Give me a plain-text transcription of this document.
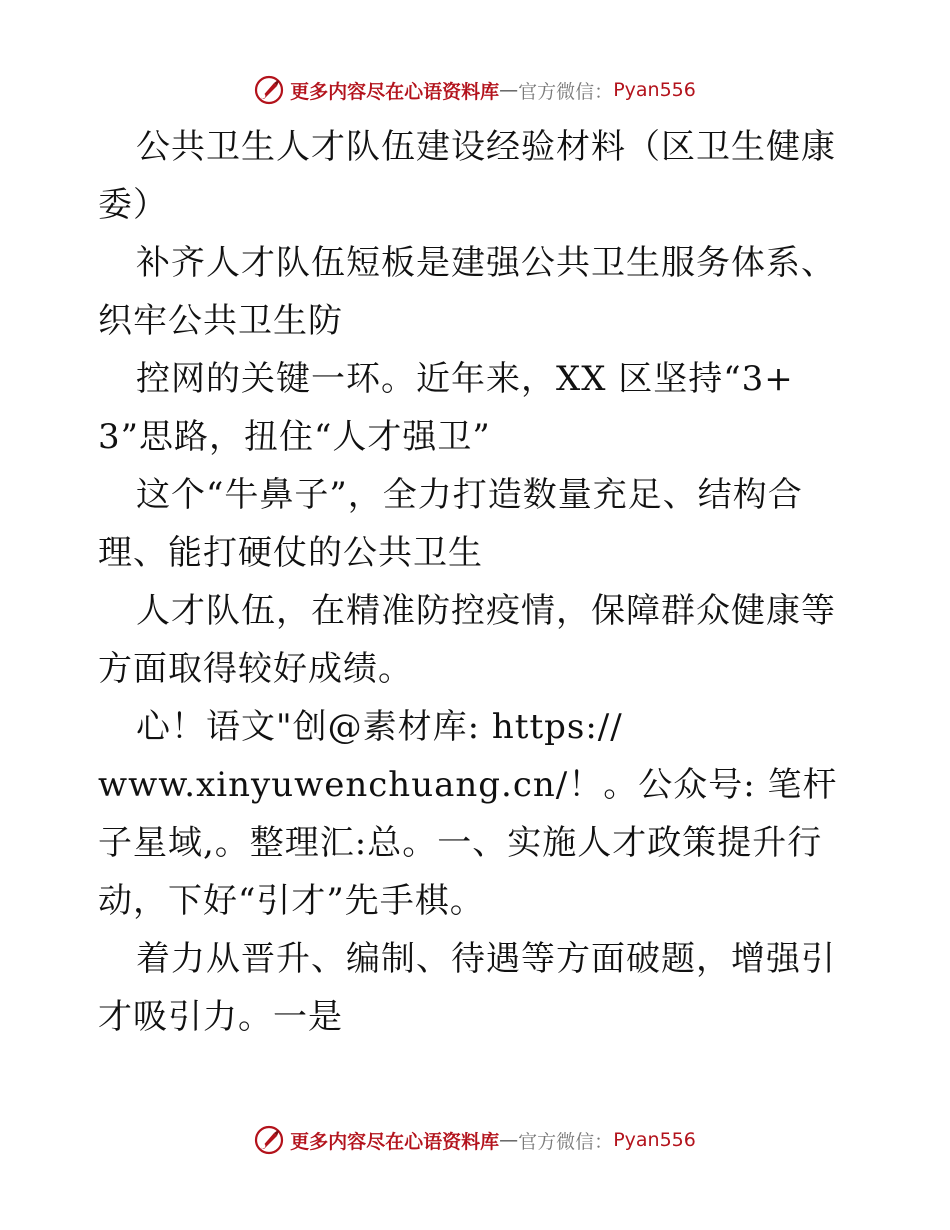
更多内容尽在心语资料库 — 官方微信： Pyan556

公共卫生人才队伍建设经验材料（区卫生健康委）

补齐人才队伍短板是建强公共卫生服务体系、织牢公共卫生防

控网的关键一环。近年来，XX 区坚持“3+3”思路，扭住“人才强卫”

这个“牛鼻子”，全力打造数量充足、结构合理、能打硬仗的公共卫生

人才队伍，在精准防控疫情，保障群众健康等方面取得较好成绩。

心！语文"创@素材库: https://

www.xinyuwenchuang.cn/！。公众号: 笔杆子星域,。整理汇:总。一、实施人才政策提升行动，下好“引才”先手棋。

着力从晋升、编制、待遇等方面破题，增强引才吸引力。一是

更多内容尽在心语资料库 — 官方微信： Pyan556
